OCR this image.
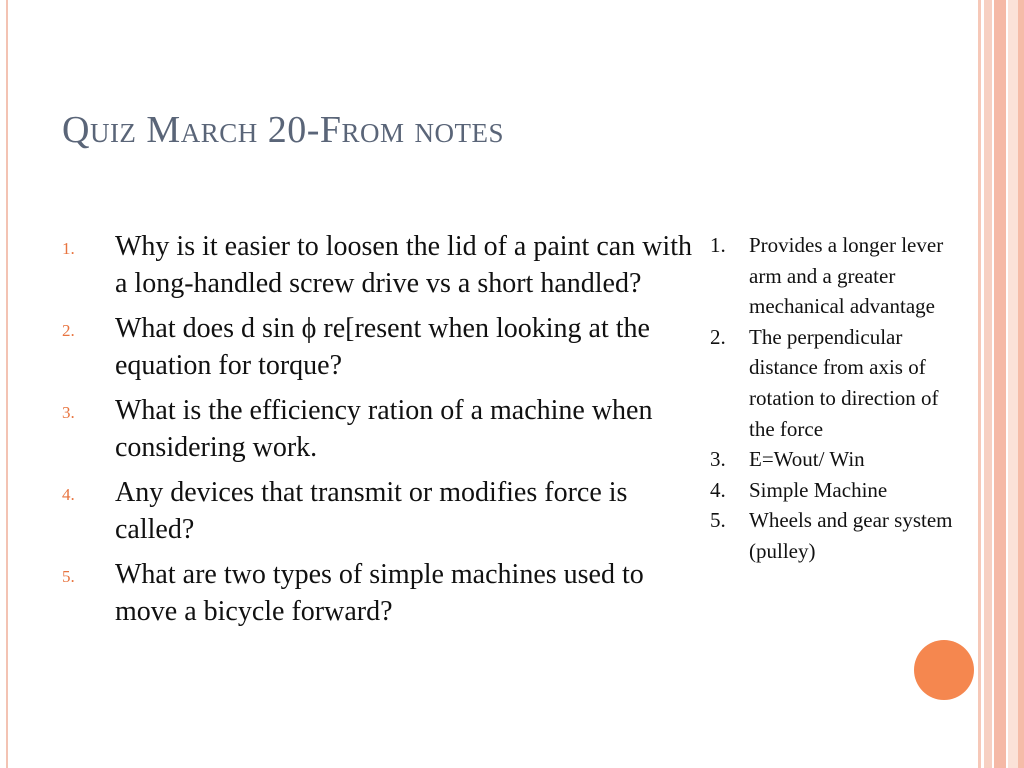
Quiz March 20-From notes
1. Why is it easier to loosen the lid of a paint can with a long-handled screw drive vs a short handled?
2. What does d sin ϕ re[resent when looking at the equation for torque?
3. What is the efficiency ration of a machine when considering work.
4. Any devices that transmit or modifies force is called?
5. What are two types of simple machines used to move a bicycle forward?
1. Provides a longer lever arm and a greater mechanical advantage
2. The perpendicular distance from axis of rotation to direction of the force
3. E=Wout/ Win
4. Simple Machine
5. Wheels and gear system (pulley)
